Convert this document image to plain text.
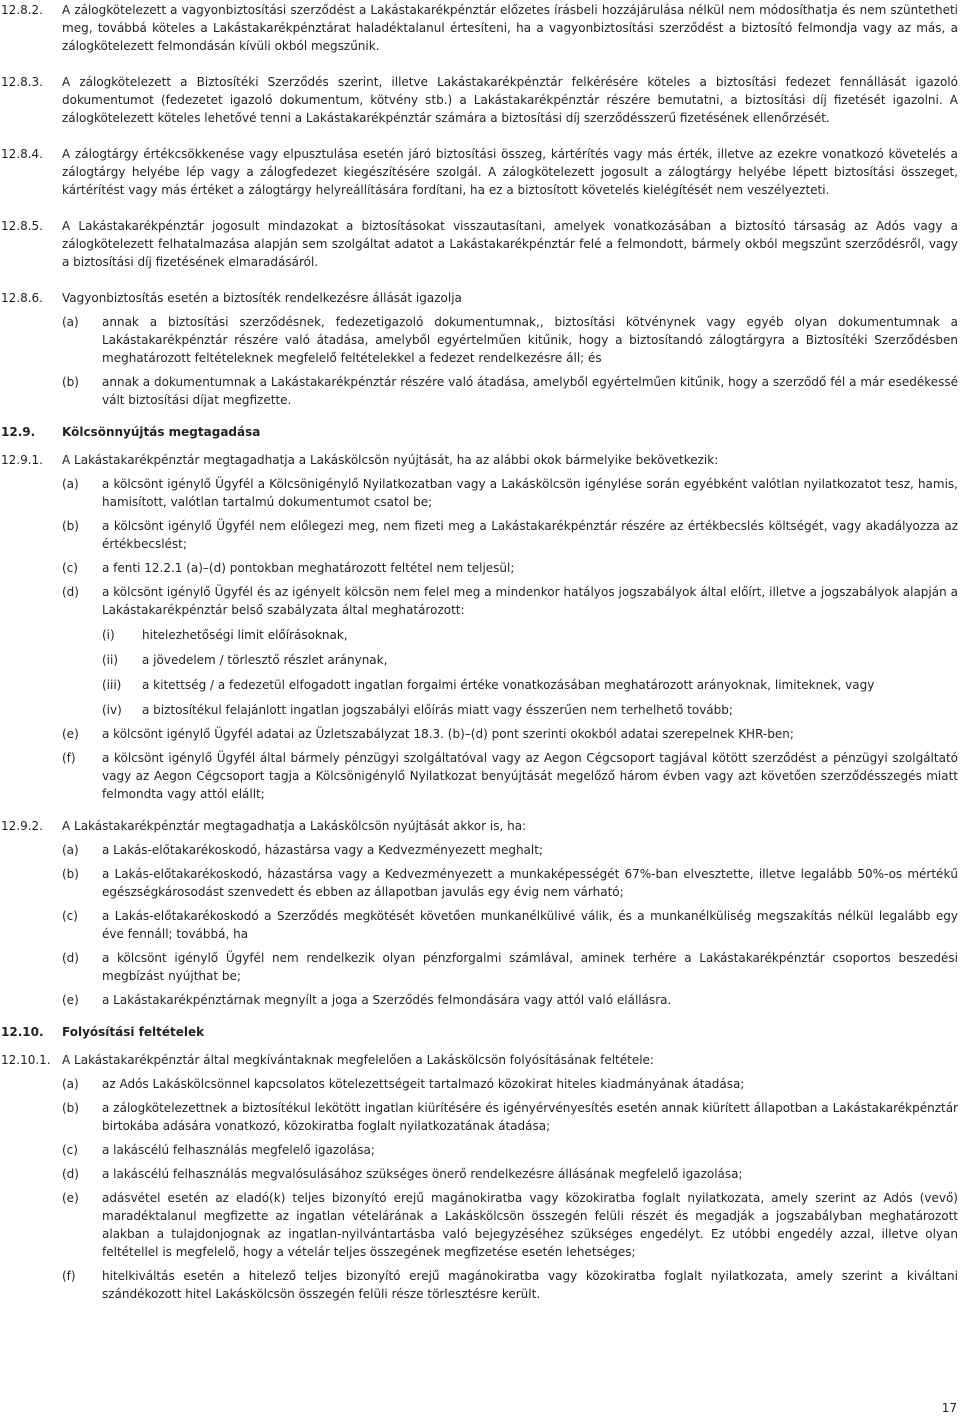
12.8.2.	A zálogkötelezett a vagyonbiztosítási szerződést a Lakástakarékpénztár előzetes írásbeli hozzájárulása nélkül nem módosíthatja és nem szüntetheti meg, továbbá köteles a Lakástakarékpénztárat haladéktalanul értesíteni, ha a vagyonbiztosítási szerződést a biztosító felmondja vagy az más, a zálogkötelezett felmondásán kívüli okból megszűnik.
12.8.3.	A zálogkötelezett a Biztosítéki Szerződés szerint, illetve Lakástakarékpénztár felkérésére köteles a biztosítási fedezet fennállását igazoló dokumentumot (fedezetet igazoló dokumentum, kötvény stb.) a Lakástakarékpénztár részére bemutatni, a biztosítási díj fizetését igazolni. A zálogkötelezett köteles lehetővé tenni a Lakástakarékpénztár számára a biztosítási díj szerződésszerű fizetésének ellenőrzését.
12.8.4.	A zálogtárgy értékcsökkenése vagy elpusztulása esetén járó biztosítási összeg, kártérítés vagy más érték, illetve az ezekre vonatkozó követelés a zálogtárgy helyébe lép vagy a zálogfedezet kiegészítésére szolgál. A zálogkötelezett jogosult a zálogtárgy helyébe lépett biztosítási összeget, kártérítést vagy más értéket a zálogtárgy helyreállítására fordítani, ha ez a biztosított követelés kielégítését nem veszélyezteti.
12.8.5.	A Lakástakarékpénztár jogosult mindazokat a biztosításokat visszautasítani, amelyek vonatkozásában a biztosító társaság az Adós vagy a zálogkötelezett felhatalmazása alapján sem szolgáltat adatot a Lakástakarékpénztár felé a felmondott, bármely okból megszűnt szerződésről, vagy a biztosítási díj fizetésének elmaradásáról.
12.8.6.	Vagyonbiztosítás esetén a biztosíték rendelkezésre állását igazolja
(a)	annak a biztosítási szerződésnek, fedezetigazoló dokumentumnak,, biztosítási kötvénynek vagy egyéb olyan dokumentumnak a Lakástakarékpénztár részére való átadása, amelyből egyértelműen kitűnik, hogy a biztosítandó zálogtárgyra a Biztosítéki Szerződésben meghatározott feltételeknek megfelelő feltételekkel a fedezet rendelkezésre áll; és
(b)	annak a dokumentumnak a Lakástakarékpénztár részére való átadása, amelyből egyértelműen kitűnik, hogy a szerződő fél a már esedékessé vált biztosítási díjat megfizette.
12.9.	Kölcsönnyújtás megtagadása
12.9.1.	A Lakástakarékpénztár megtagadhatja a Lakáskölcsön nyújtását, ha az alábbi okok bármelyike bekövetkezik:
(a)	a kölcsönt igénylő Ügyfél a Kölcsönigénylő Nyilatkozatban vagy a Lakáskölcsön igénylése során egyébként valótlan nyilatkozatot tesz, hamis, hamisított, valótlan tartalmú dokumentumot csatol be;
(b)	a kölcsönt igénylő Ügyfél nem előlegezi meg, nem fizeti meg a Lakástakarékpénztár részére az értékbecslés költségét, vagy akadályozza az értékbecslést;
(c)	a fenti 12.2.1 (a)–(d) pontokban meghatározott feltétel nem teljesül;
(d)	a kölcsönt igénylő Ügyfél és az igényelt kölcsön nem felel meg a mindenkor hatályos jogszabályok által előírt, illetve a jogszabályok alapján a Lakástakarékpénztár belső szabályzata által meghatározott:
(i)	hitelezhetőségi limit előírásoknak,
(ii)	a jövedelem / törlesztő részlet aránynak,
(iii)	a kitettség / a fedezetül elfogadott ingatlan forgalmi értéke vonatkozásában meghatározott arányoknak, limiteknek, vagy
(iv)	a biztosítékul felajánlott ingatlan jogszabályi előírás miatt vagy ésszerűen nem terhelhető tovább;
(e)	a kölcsönt igénylő Ügyfél adatai az Üzletszabályzat 18.3. (b)–(d) pont szerinti okokból adatai szerepelnek KHR-ben;
(f)	a kölcsönt igénylő Ügyfél által bármely pénzügyi szolgáltatóval vagy az Aegon Cégcsoport tagjával kötött szerződést a pénzügyi szolgáltató vagy az Aegon Cégcsoport tagja a Kölcsönigénylő Nyilatkozat benyújtását megelőző három évben vagy azt követően szerződésszegés miatt felmondta vagy attól elállt;
12.9.2.	A Lakástakarékpénztár megtagadhatja a Lakáskölcsön nyújtását akkor is, ha:
(a)	a Lakás-előtakarékoskodó, házastársa vagy a Kedvezményezett meghalt;
(b)	a Lakás-előtakarékoskodó, házastársa vagy a Kedvezményezett a munkaképességét 67%-ban elvesztette, illetve legalább 50%-os mértékű egészségkárosodást szenvedett és ebben az állapotban javulás egy évig nem várható;
(c)	a Lakás-előtakarékoskodó a Szerződés megkötését követően munkanélkülivé válik, és a munkanélküliség megszakítás nélkül legalább egy éve fennáll; továbbá, ha
(d)	a kölcsönt igénylő Ügyfél nem rendelkezik olyan pénzforgalmi számlával, aminek terhére a Lakástakarékpénztár csoportos beszedési megbízást nyújthat be;
(e)	a Lakástakarékpénztárnak megnyílt a joga a Szerződés felmondására vagy attól való elállásra.
12.10.	Folyósítási feltételek
12.10.1. A Lakástakarékpénztár által megkívántaknak megfelelően a Lakáskölcsön folyósításának feltétele:
(a)	az Adós Lakáskölcsönnel kapcsolatos kötelezettségeit tartalmazó közokirat hiteles kiadmányának átadása;
(b)	a zálogkötelezettnek a biztosítékul lekötött ingatlan kiürítésére és igényérvényesítés esetén annak kiürített állapotban a Lakástakarékpénztár birtokába adására vonatkozó, közokiratba foglalt nyilatkozatának átadása;
(c)	a lakáscélú felhasználás megfelelő igazolása;
(d)	a lakáscélú felhasználás megvalósulásához szükséges önerő rendelkezésre állásának megfelelő igazolása;
(e)	adásvétel esetén az eladó(k) teljes bizonyító erejű magánokiratba vagy közokiratba foglalt nyilatkozata, amely szerint az Adós (vevő) maradéktalanul megfizette az ingatlan vételárának a Lakáskölcsön összegén felüli részét és megadják a jogszabályban meghatározott alakban a tulajdonjognak az ingatlan-nyilvántartásba való bejegyzéséhez szükséges engedélyt. Ez utóbbi engedély azzal, illetve olyan feltétellel is megfelelő, hogy a vételár teljes összegének megfizetése esetén lehetséges;
(f)	hitelkiváltás esetén a hitelező teljes bizonyító erejű magánokiratba vagy közokiratba foglalt nyilatkozata, amely szerint a kiváltani szándékozott hitel Lakáskölcsön összegén felüli része törlesztésre került.
17
